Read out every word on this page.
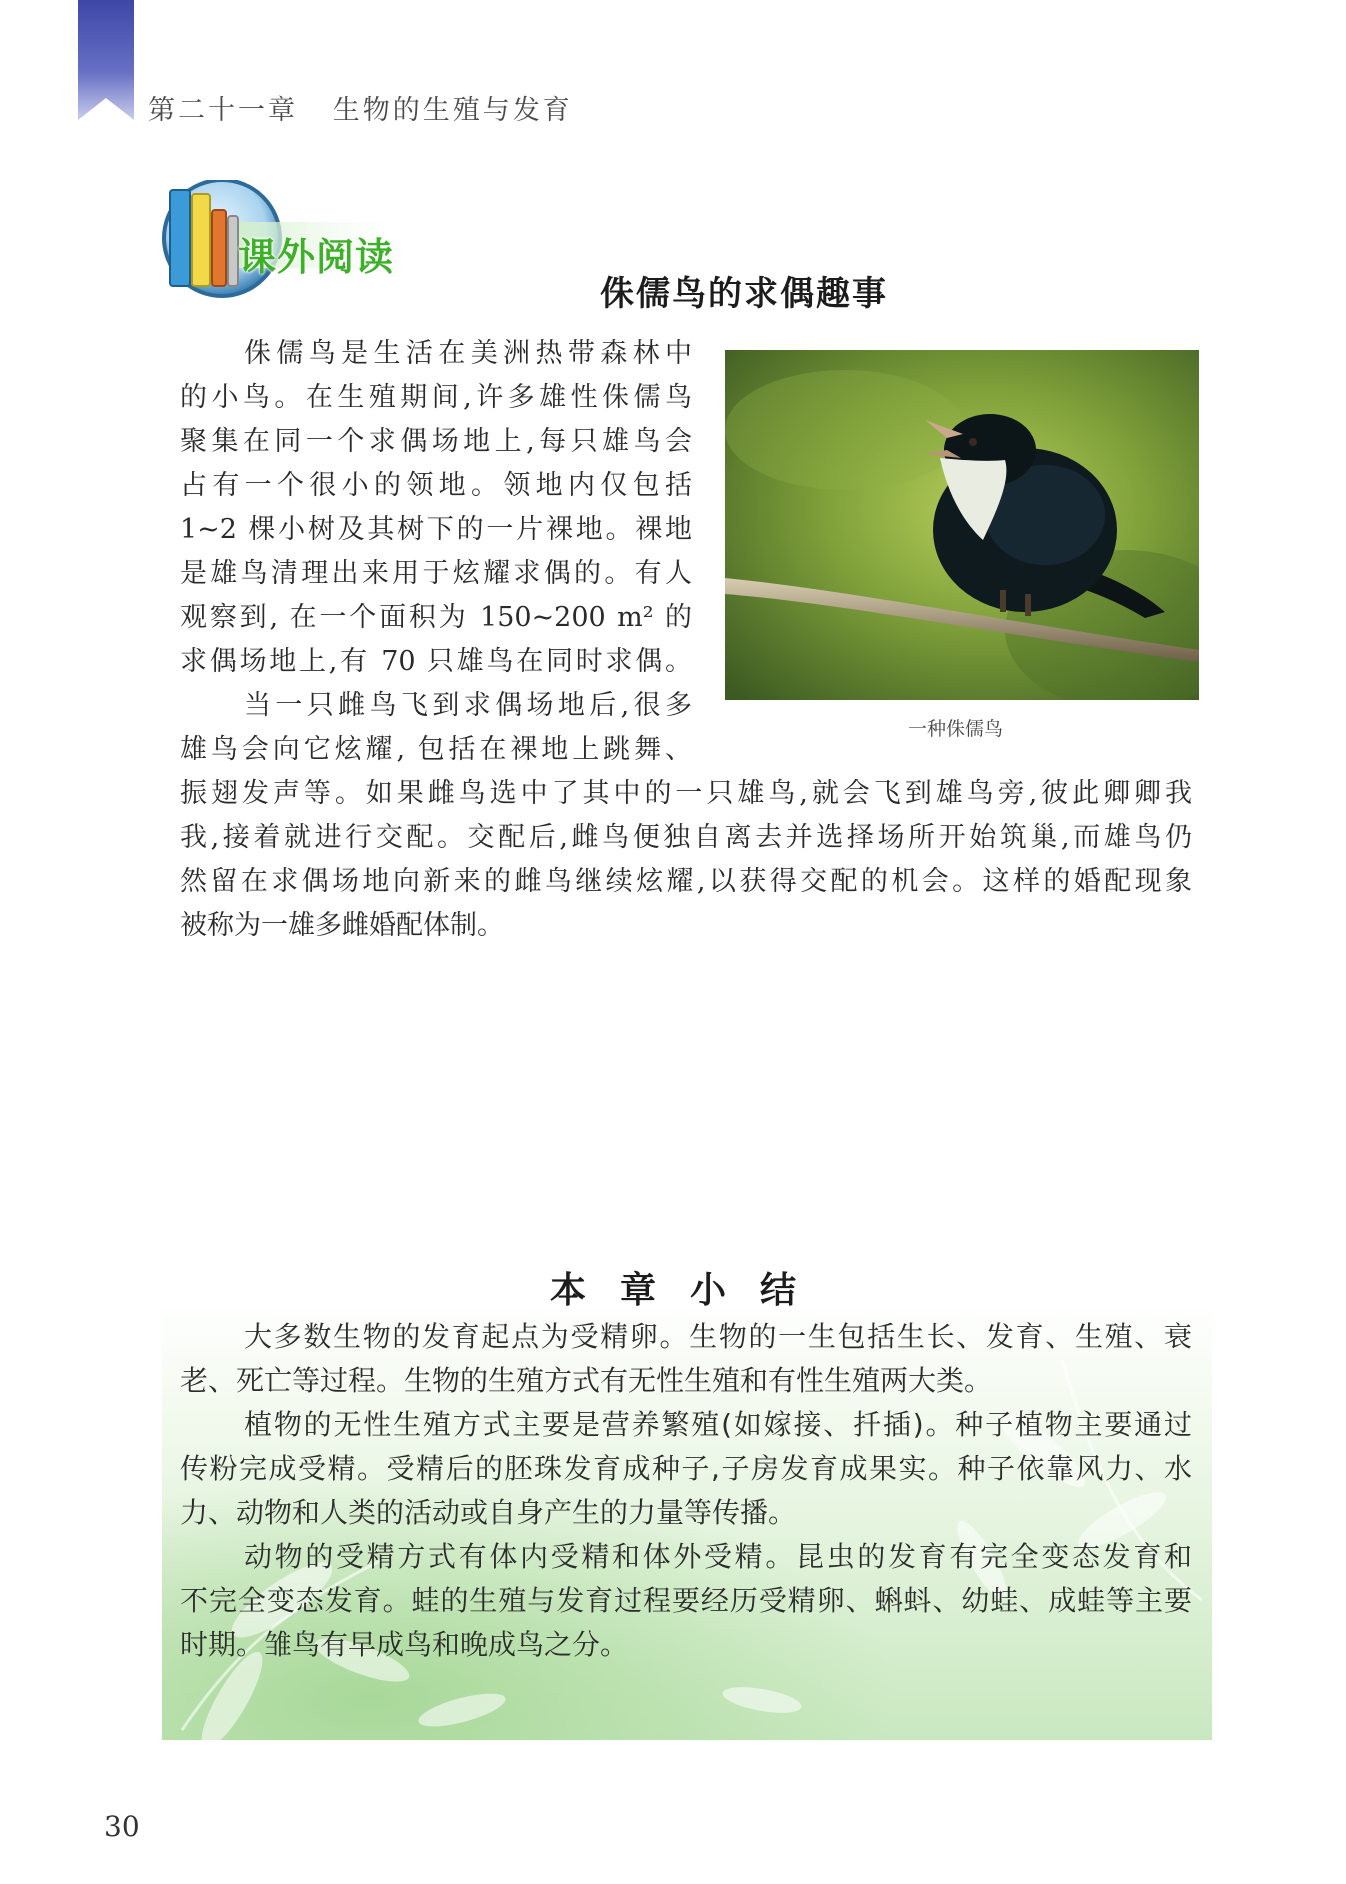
第二十一章   生物的生殖与发育
课外阅读
侏儒鸟的求偶趣事
侏儒鸟是生活在美洲热带森林中
的小鸟。在生殖期间,许多雄性侏儒鸟
聚集在同一个求偶场地上,每只雄鸟会
占有一个很小的领地。领地内仅包括
1~2 棵小树及其树下的一片裸地。裸地
是雄鸟清理出来用于炫耀求偶的。有人
观察到, 在一个面积为 150~200 m² 的
求偶场地上,有 70 只雄鸟在同时求偶。
当一只雌鸟飞到求偶场地后,很多
雄鸟会向它炫耀, 包括在裸地上跳舞、
振翅发声等。如果雌鸟选中了其中的一只雄鸟,就会飞到雄鸟旁,彼此卿卿我
我,接着就进行交配。交配后,雌鸟便独自离去并选择场所开始筑巢,而雄鸟仍
然留在求偶场地向新来的雌鸟继续炫耀,以获得交配的机会。这样的婚配现象
被称为一雄多雌婚配体制。
一种侏儒鸟
本章小结
大多数生物的发育起点为受精卵。生物的一生包括生长、发育、生殖、衰
老、死亡等过程。生物的生殖方式有无性生殖和有性生殖两大类。
植物的无性生殖方式主要是营养繁殖(如嫁接、扦插)。种子植物主要通过
传粉完成受精。受精后的胚珠发育成种子,子房发育成果实。种子依靠风力、水
力、动物和人类的活动或自身产生的力量等传播。
动物的受精方式有体内受精和体外受精。昆虫的发育有完全变态发育和
不完全变态发育。蛙的生殖与发育过程要经历受精卵、蝌蚪、幼蛙、成蛙等主要
时期。雏鸟有早成鸟和晚成鸟之分。
30
